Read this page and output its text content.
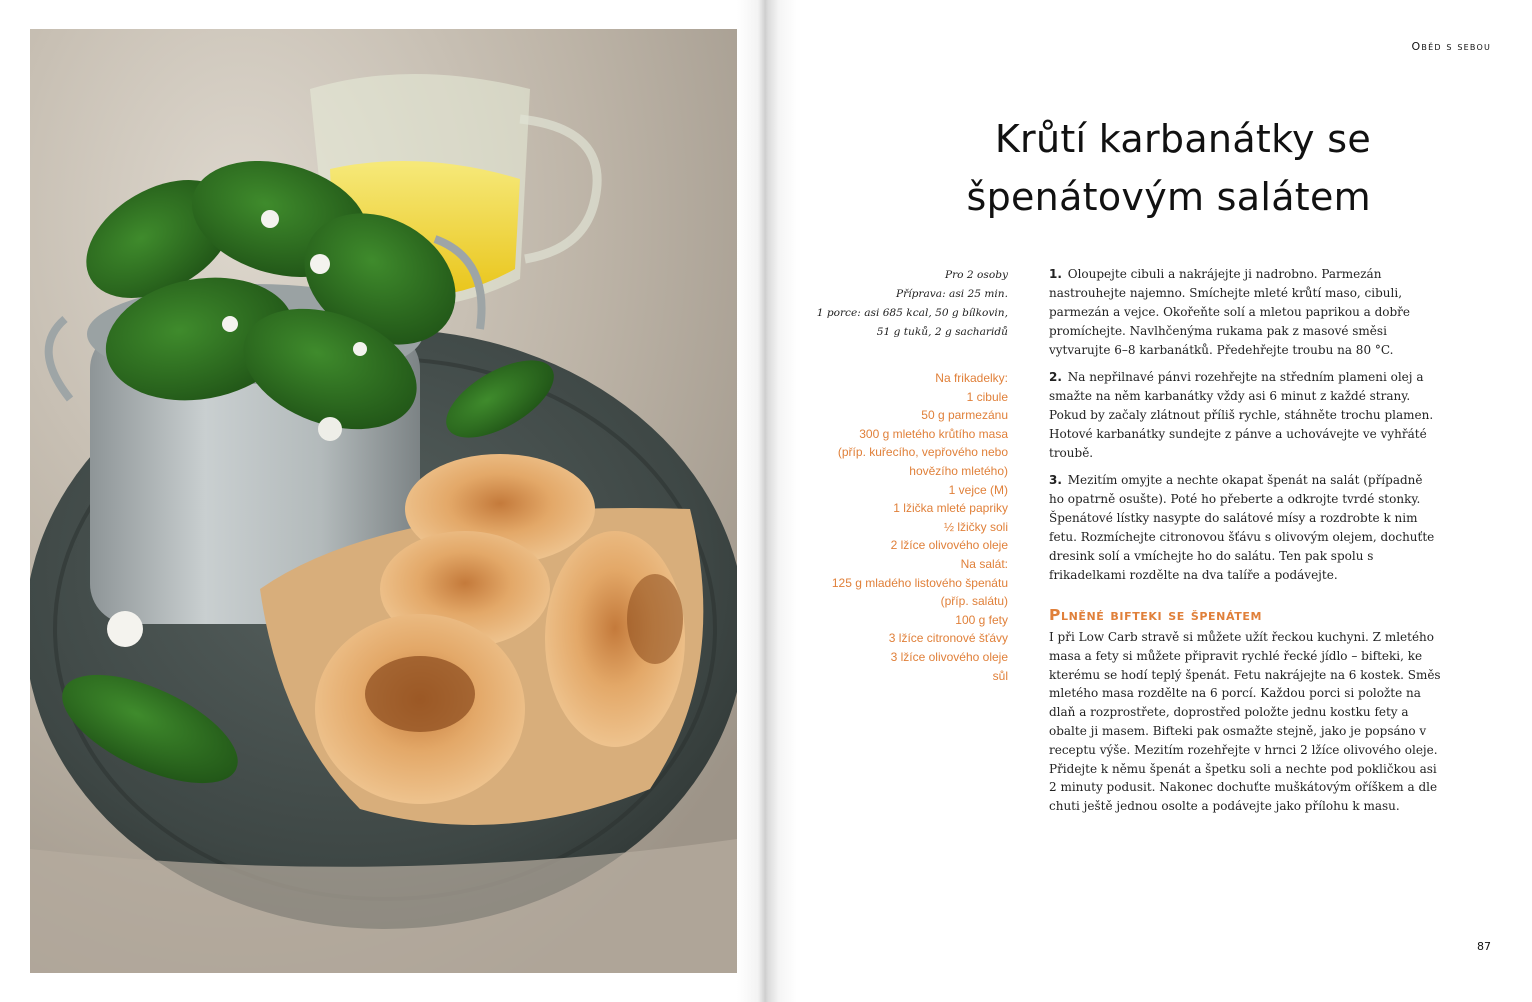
Oběd s sebou
Krůtí karbanátky se
špenátovým salátem
Pro 2 osoby
Příprava: asi 25 min.
1 porce: asi 685 kcal, 50 g bílkovin,
51 g tuků, 2 g sacharidů
Na frikadelky:
1 cibule
50 g parmezánu
300 g mletého krůtího masa
(příp. kuřecího, vepřového nebo
hovězího mletého)
1 vejce (M)
1 lžička mleté papriky
½ lžičky soli
2 lžíce olivového oleje
Na salát:
125 g mladého listového špenátu
(příp. salátu)
100 g fety
3 lžíce citronové šťávy
3 lžíce olivového oleje
sůl

1. Oloupejte cibuli a nakrájejte ji nadrobno. Parmezán nastrouhejte najemno. Smíchejte mleté krůtí maso, cibuli, parmezán a vejce. Okořeňte solí a mletou paprikou a dobře promíchejte. Navlhčenýma rukama pak z masové směsi vytvarujte 6–8 karbanátků. Předehřejte troubu na 80 °C.

2. Na nepřilnavé pánvi rozehřejte na středním plameni olej a smažte na něm karbanátky vždy asi 6 minut z každé strany. Pokud by začaly zlátnout příliš rychle, stáhněte trochu plamen. Hotové karbanátky sundejte z pánve a uchovávejte ve vyhřáté troubě.

3. Mezitím omyjte a nechte okapat špenát na salát (případně ho opatrně osušte). Poté ho přeberte a odkrojte tvrdé stonky. Špenátové lístky nasypte do salátové mísy a rozdrobte k nim fetu. Rozmíchejte citronovou šťávu s olivovým olejem, dochuťte dresink solí a vmíchejte ho do salátu. Ten pak spolu s frikadelkami rozdělte na dva talíře a podávejte.

Plněné bifteki se špenátem

I při Low Carb stravě si můžete užít řeckou kuchyni. Z mletého masa a fety si můžete připravit rychlé řecké jídlo – bifteki, ke kterému se hodí teplý špenát. Fetu nakrájejte na 6 kostek. Směs mletého masa rozdělte na 6 porcí. Každou porci si položte na dlaň a rozprostřete, doprostřed položte jednu kostku fety a obalte ji masem. Bifteki pak osmažte stejně, jako je popsáno v receptu výše. Mezitím rozehřejte v hrnci 2 lžíce olivového oleje. Přidejte k němu špenát a špetku soli a nechte pod pokličkou asi 2 minuty podusit. Nakonec dochuťte muškátovým oříškem a dle chuti ještě jednou osolte a podávejte jako přílohu k masu.

87
